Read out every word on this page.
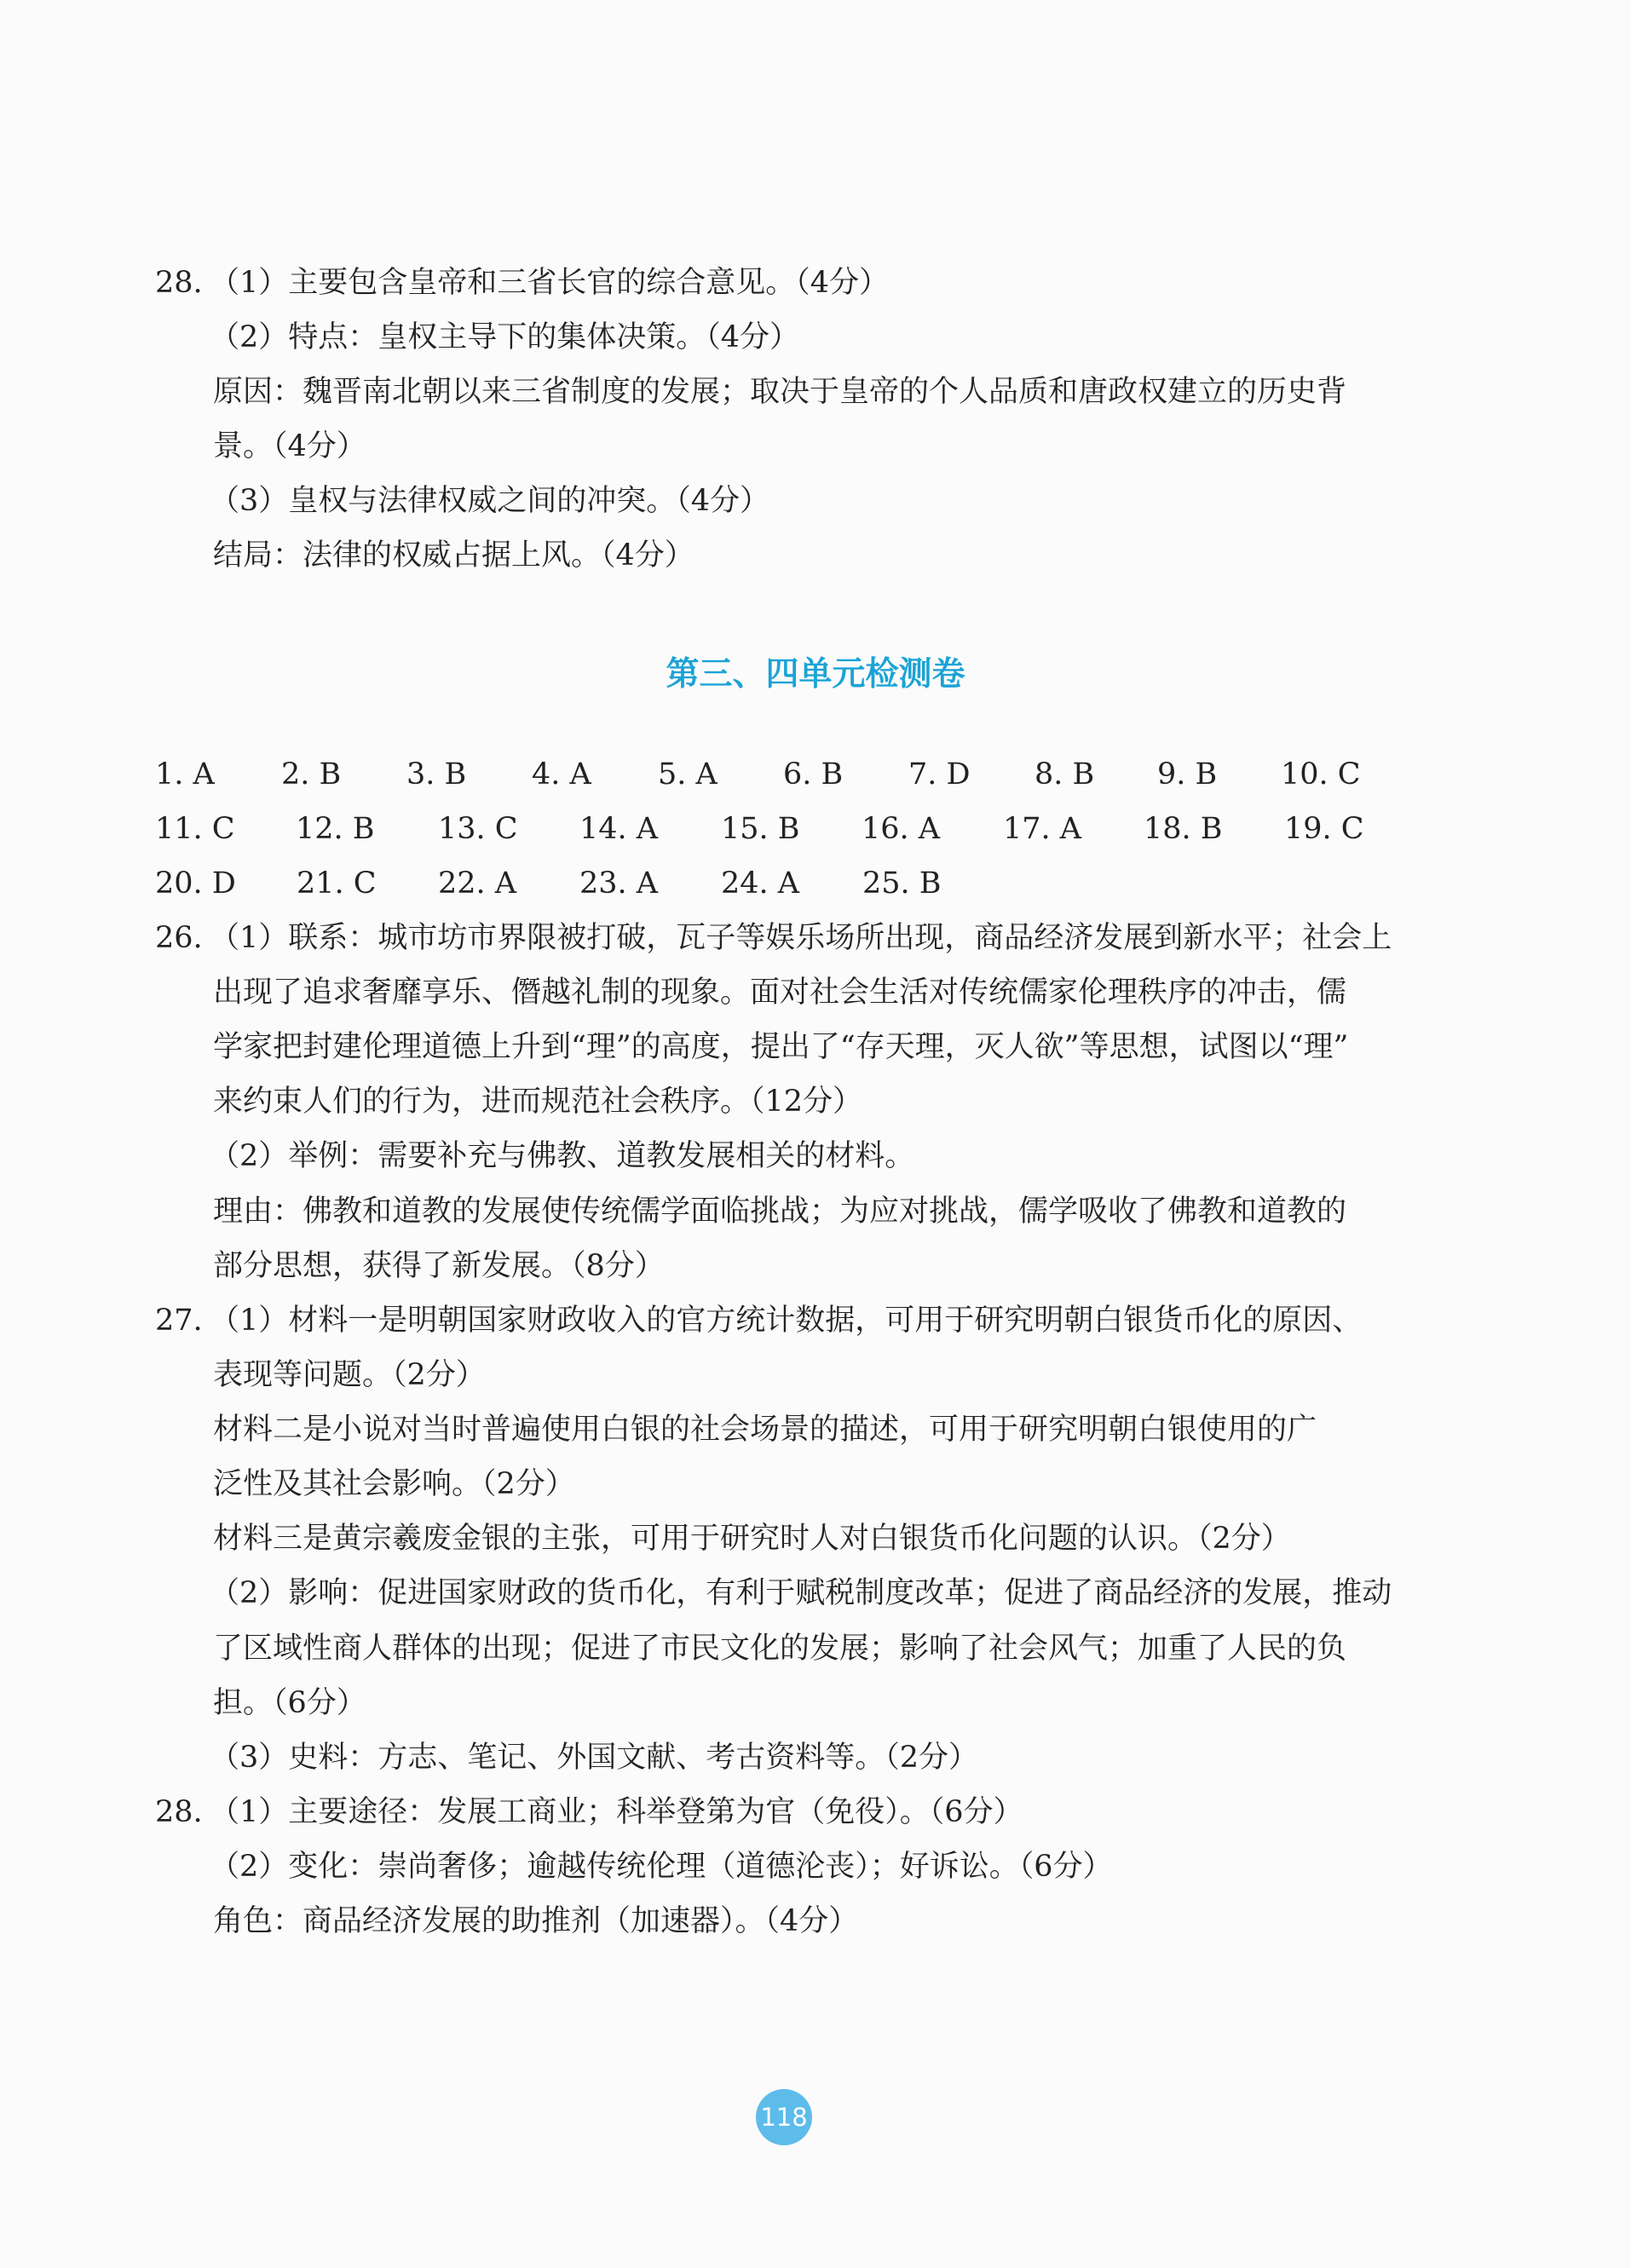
28. （1）主要包含皇帝和三省长官的综合意见。（4分）
（2）特点：皇权主导下的集体决策。（4分）
原因：魏晋南北朝以来三省制度的发展；取决于皇帝的个人品质和唐政权建立的历史背
景。（4分）
（3）皇权与法律权威之间的冲突。（4分）
结局：法律的权威占据上风。（4分）
第三、四单元检测卷
1. A 2. B 3. B 4. A 5. A 6. B 7. D 8. B 9. B 10. C
11. C 12. B 13. C 14. A 15. B 16. A 17. A 18. B 19. C
20. D 21. C 22. A 23. A 24. A 25. B
26. （1）联系：城市坊市界限被打破，瓦子等娱乐场所出现，商品经济发展到新水平；社会上
出现了追求奢靡享乐、僭越礼制的现象。面对社会生活对传统儒家伦理秩序的冲击，儒
学家把封建伦理道德上升到“理”的高度，提出了“存天理，灭人欲”等思想，试图以“理”
来约束人们的行为，进而规范社会秩序。（12分）
（2）举例：需要补充与佛教、道教发展相关的材料。
理由：佛教和道教的发展使传统儒学面临挑战；为应对挑战，儒学吸收了佛教和道教的
部分思想，获得了新发展。（8分）
27. （1）材料一是明朝国家财政收入的官方统计数据，可用于研究明朝白银货币化的原因、
表现等问题。（2分）
材料二是小说对当时普遍使用白银的社会场景的描述，可用于研究明朝白银使用的广
泛性及其社会影响。（2分）
材料三是黄宗羲废金银的主张，可用于研究时人对白银货币化问题的认识。（2分）
（2）影响：促进国家财政的货币化，有利于赋税制度改革；促进了商品经济的发展，推动
了区域性商人群体的出现；促进了市民文化的发展；影响了社会风气；加重了人民的负
担。（6分）
（3）史料：方志、笔记、外国文献、考古资料等。（2分）
28. （1）主要途径：发展工商业；科举登第为官（免役）。（6分）
（2）变化：崇尚奢侈；逾越传统伦理（道德沦丧）；好诉讼。（6分）
角色：商品经济发展的助推剂（加速器）。（4分）
118
